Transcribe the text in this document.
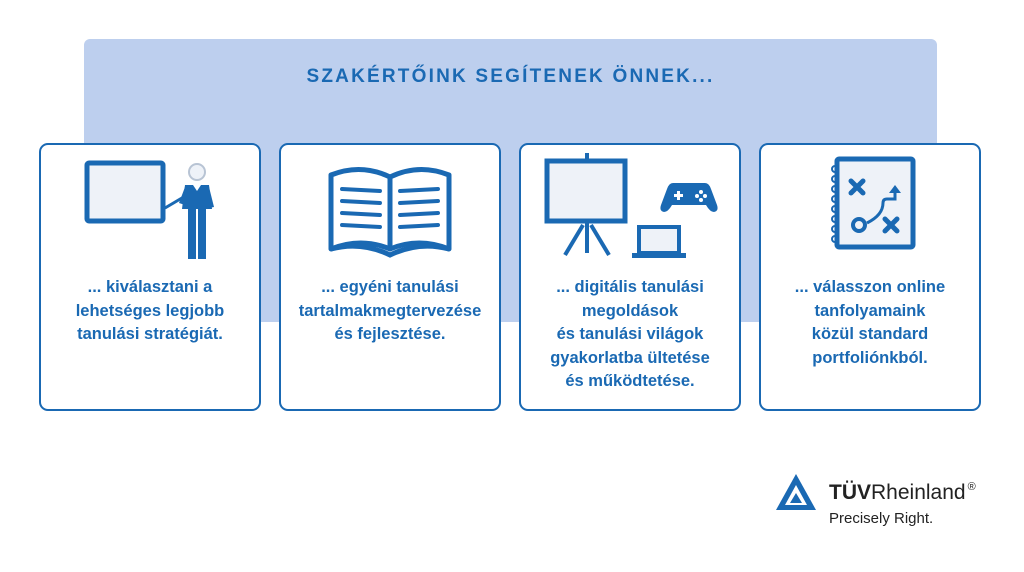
SZAKÉRTŐINK SEGÍTENEK ÖNNEK...

... kiválasztani a
lehetséges legjobb
tanulási stratégiát.

... egyéni tanulási
tartalmakmegtervezése
és fejlesztése.

... digitális tanulási
megoldások
és tanulási világok
gyakorlatba ültetése
és működtetése.

... válasszon online
tanfolyamaink
közül standard
portfoliónkból.

TÜVRheinland ®
Precisely Right.
